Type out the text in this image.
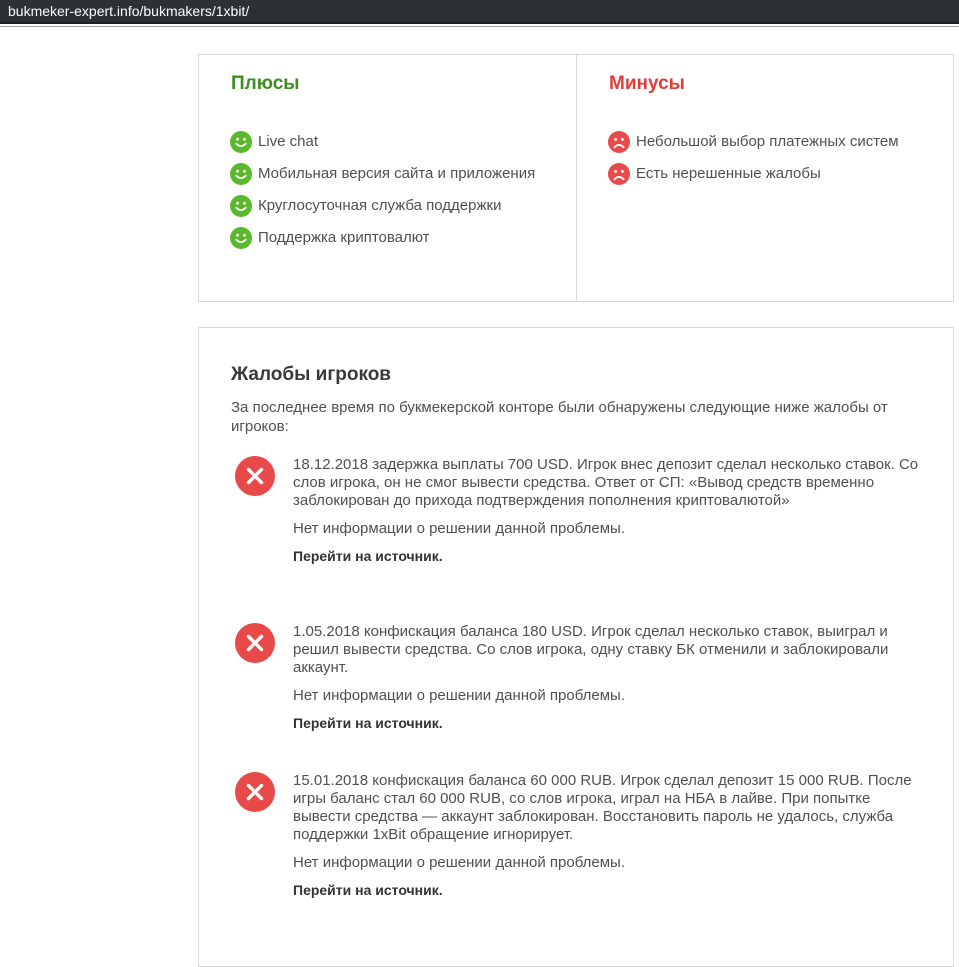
bukmeker-expert.info/bukmakers/1xbit/
Плюсы
Live chat
Мобильная версия сайта и приложения
Круглосуточная служба поддержки
Поддержка криптовалют
Минусы
Небольшой выбор платежных систем
Есть нерешенные жалобы
Жалобы игроков

За последнее время по букмекерской конторе были обнаружены следующие ниже жалобы от игроков:

18.12.2018 задержка выплаты 700 USD. Игрок внес депозит сделал несколько ставок. Со слов игрока, он не смог вывести средства. Ответ от СП: «Вывод средств временно заблокирован до прихода подтверждения пополнения криптовалютой»

Нет информации о решении данной проблемы.

Перейти на источник.

1.05.2018 конфискация баланса 180 USD. Игрок сделал несколько ставок, выиграл и решил вывести средства. Со слов игрока, одну ставку БК отменили и заблокировали аккаунт.

Нет информации о решении данной проблемы.

Перейти на источник.

15.01.2018 конфискация баланса 60 000 RUB. Игрок сделал депозит 15 000 RUB. После игры баланс стал 60 000 RUB, со слов игрока, играл на НБА в лайве. При попытке вывести средства — аккаунт заблокирован. Восстановить пароль не удалось, служба поддержки 1xBit обращение игнорирует.

Нет информации о решении данной проблемы.

Перейти на источник.
